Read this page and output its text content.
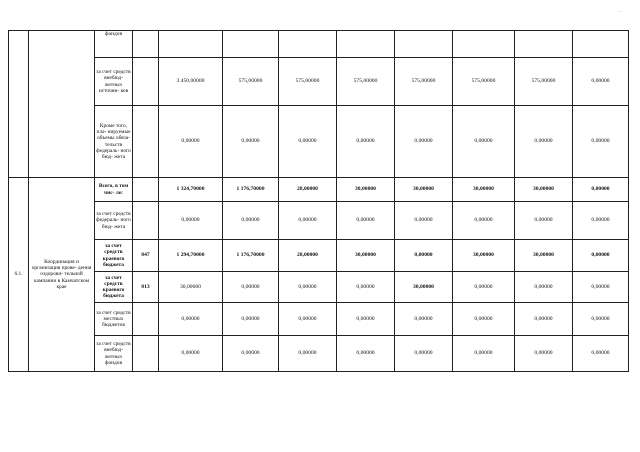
...
		фондов									
		за счет средств внебюд- жетных источни- ков		3 450,00000	575,00000	575,00000	575,00000	575,00000	575,00000	575,00000	0,00000
		Кроме того, пла- нируемые объемы обяза- тельств федераль- ного бюд- жета		0,00000	0,00000	0,00000	0,00000	0,00000	0,00000	0,00000	0,00000
6.1.	Координация и организация прове- дения оздорови- тельной кампании в Камчатском крае	Всего, в том чис- ле:		1 324,70000	1 176,70000	28,00000	30,00000	30,00000	30,00000	30,00000	0,00000
		за счет средств федераль- ного бюд- жета		0,00000	0,00000	0,00000	0,00000	0,00000	0,00000	0,00000	0,00000
		за счет средств краевого бюджета	847	1 294,70000	1 176,70000	28,00000	30,00000	0,00000	30,00000	30,00000	0,00000
		за счет средств краевого бюджета	813	30,00000	0,00000	0,00000	0,00000	30,00000	0,00000	0,00000	0,00000
		за счет средств местных бюджетов		0,00000	0,00000	0,00000	0,00000	0,00000	0,00000	0,00000	0,00000
		за счет средств внебюд- жетных фондов		0,00000	0,00000	0,00000	0,00000	0,00000	0,00000	0,00000	0,00000
